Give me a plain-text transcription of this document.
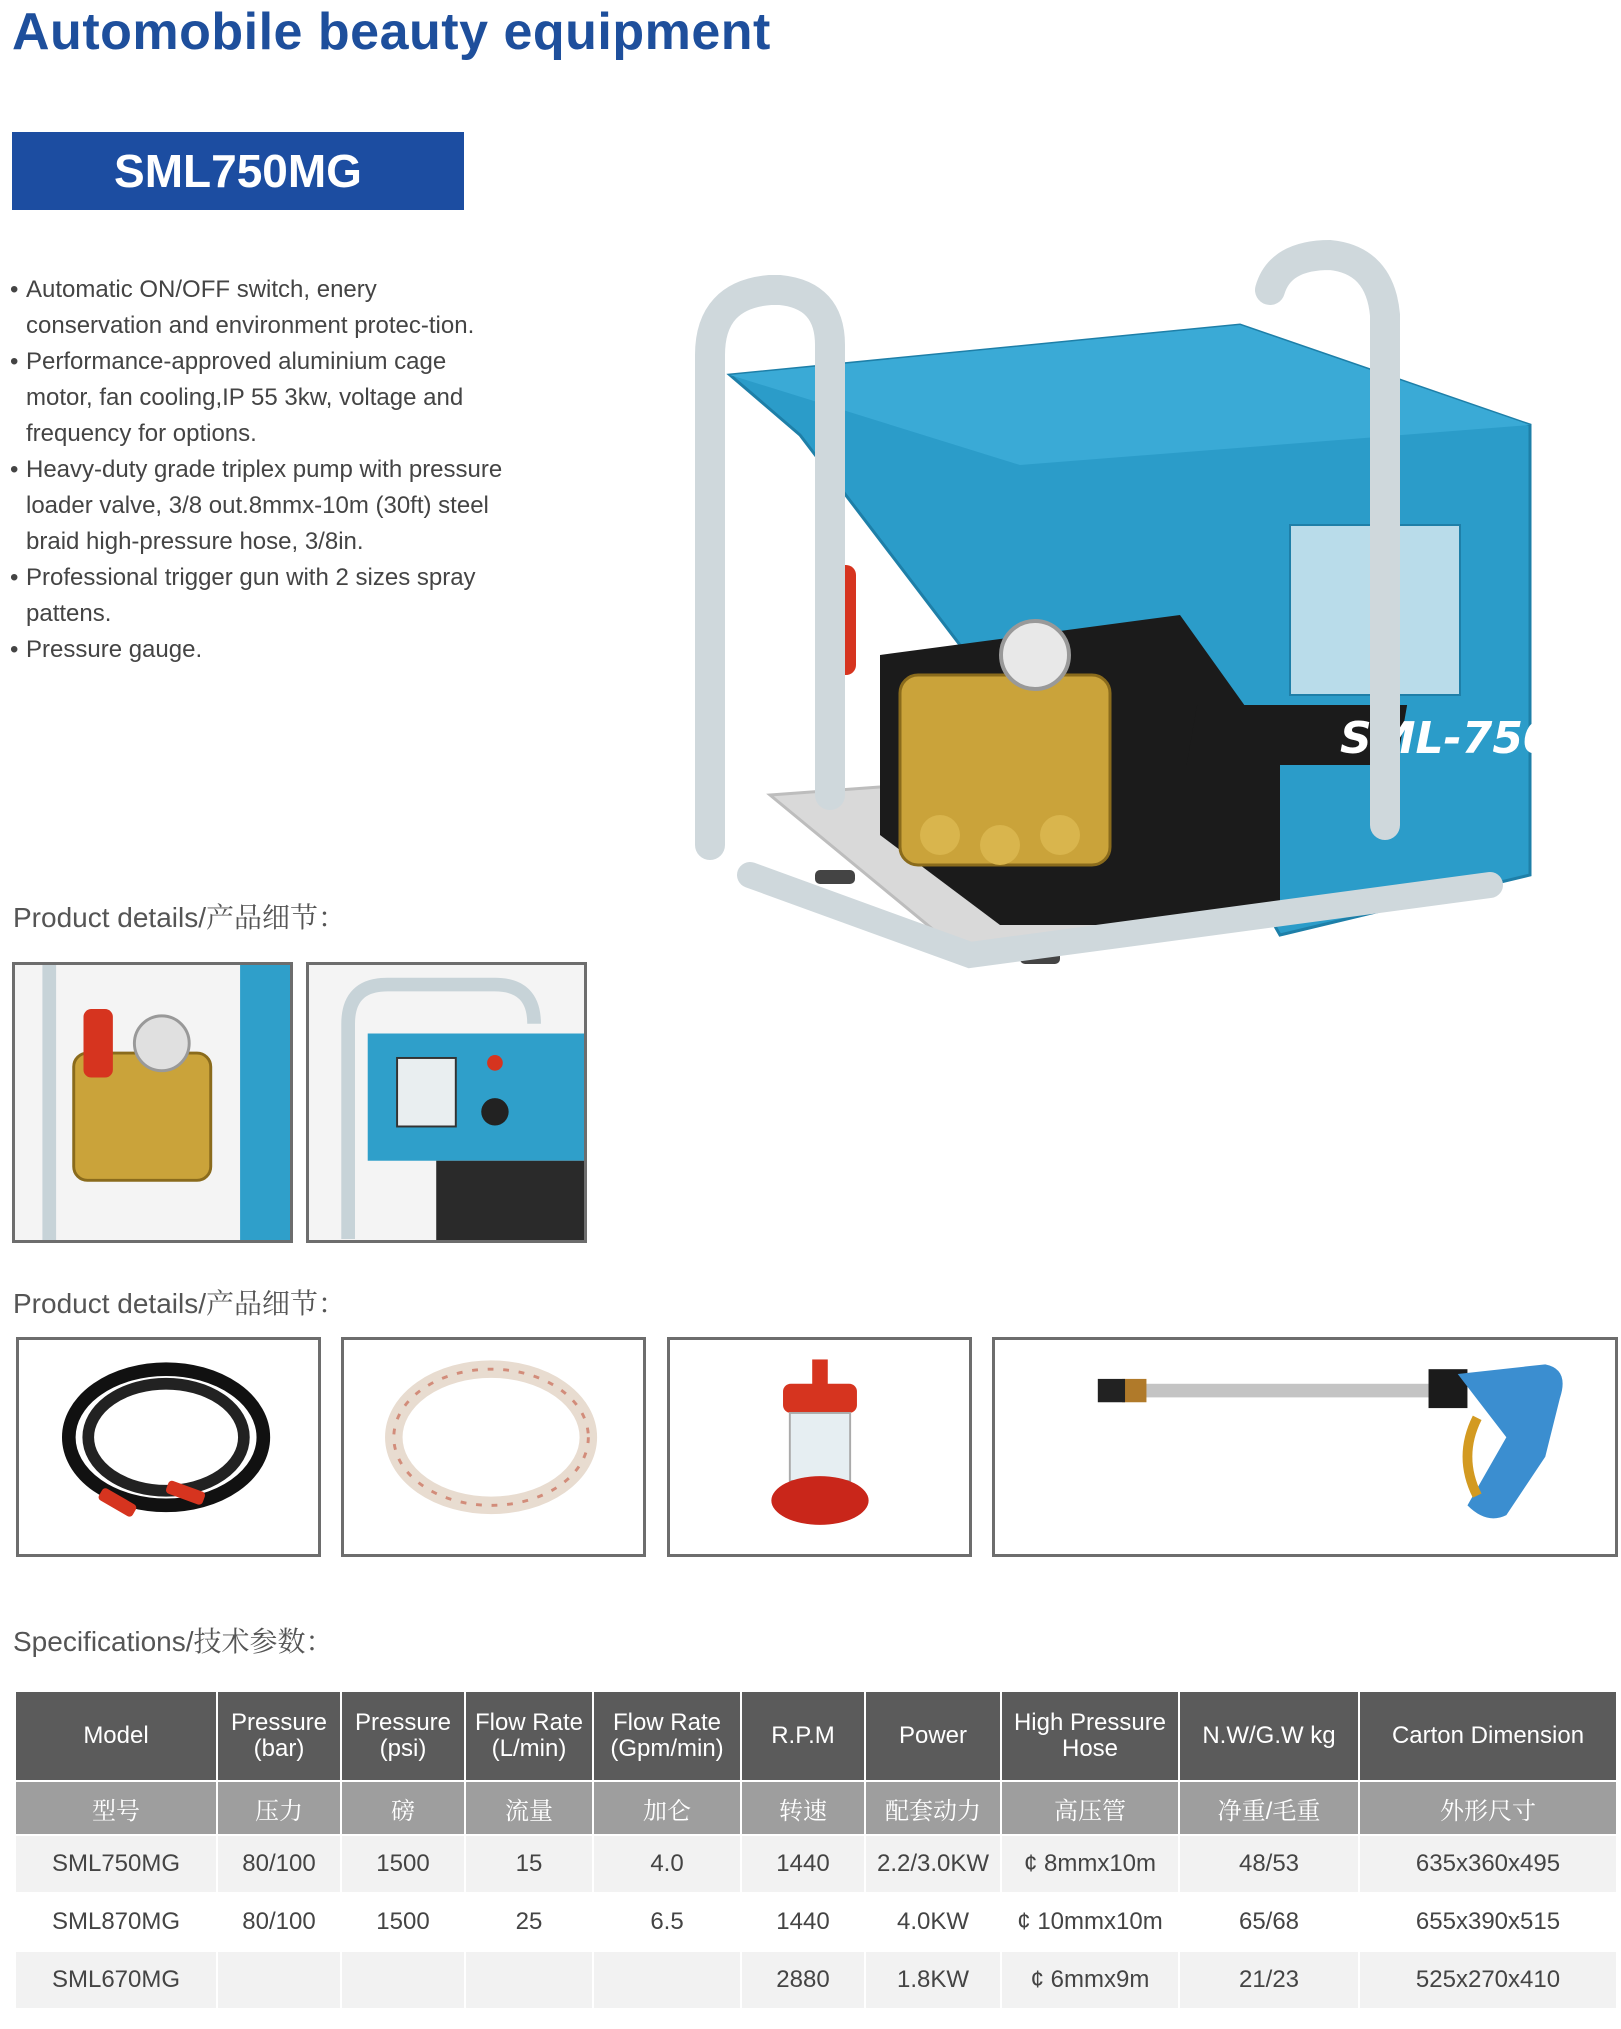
Automobile beauty equipment
SML750MG
• Automatic ON/OFF switch, enery conservation and environment protec-tion.
• Performance-approved aluminium cage motor, fan cooling,IP 55 3kw, voltage and frequency for options.
• Heavy-duty grade triplex pump with pressure loader valve, 3/8 out.8mmx-10m (30ft) steel braid high-pressure hose, 3/8in.
• Professional trigger gun with 2 sizes spray pattens.
• Pressure gauge.
SML-750
Product details/产品细节：
Product details/产品细节：
Specifications/技术参数：
Model	Pressure (bar)	Pressure (psi)	Flow Rate (L/min)	Flow Rate (Gpm/min)	R.P.M	Power	High Pressure Hose	N.W/G.W kg	Carton Dimension
型号	压力	磅	流量	加仑	转速	配套动力	高压管	净重/毛重	外形尺寸
SML750MG	80/100	1500	15	4.0	1440	2.2/3.0KW	¢ 8mmx10m	48/53	635x360x495
SML870MG	80/100	1500	25	6.5	1440	4.0KW	¢ 10mmx10m	65/68	655x390x515
SML670MG					2880	1.8KW	¢ 6mmx9m	21/23	525x270x410
